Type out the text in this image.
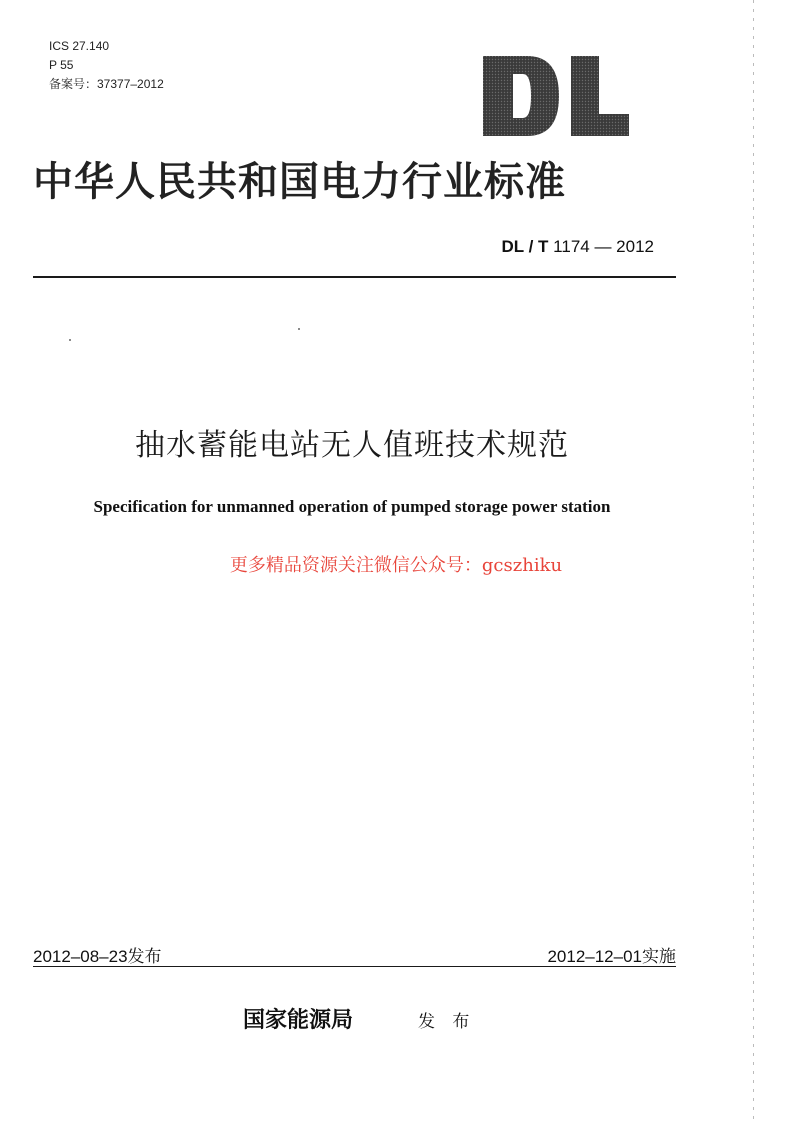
ICS 27.140
P 55
备案号：37377–2012
中华人民共和国电力行业标准
DL / T 1174 — 2012
抽水蓄能电站无人值班技术规范
Specification for unmanned operation of pumped storage power station
更多精品资源关注微信公众号：gcszhiku
2012–08–23发布	2012–12–01实施
国家能源局	发 布
